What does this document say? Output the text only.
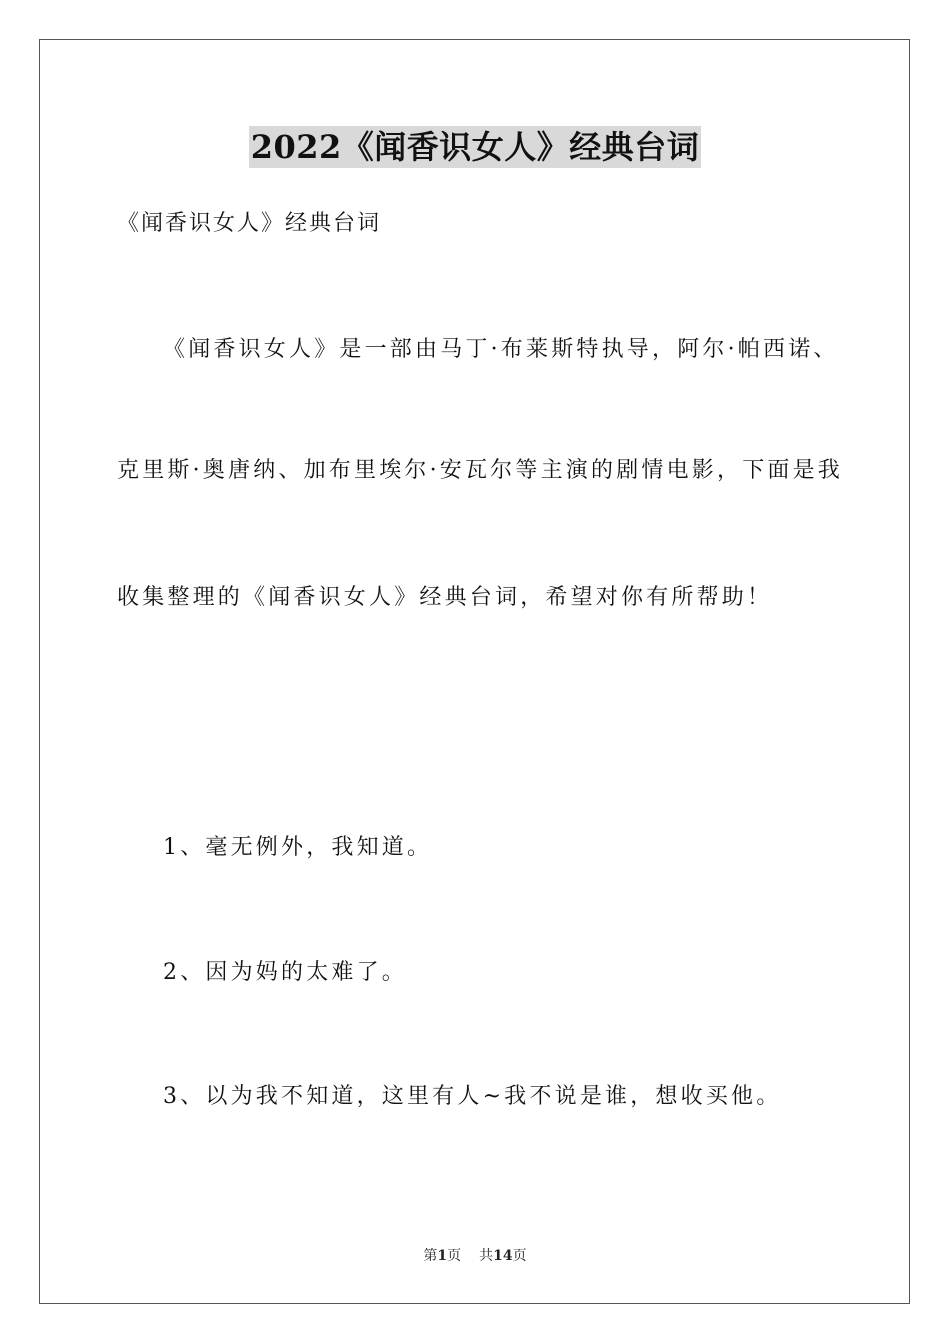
2022《闻香识女人》经典台词
《闻香识女人》经典台词
《闻香识女人》是一部由马丁·布莱斯特执导，阿尔·帕西诺、
克里斯·奥唐纳、加布里埃尔·安瓦尔等主演的剧情电影，下面是我
收集整理的《闻香识女人》经典台词，希望对你有所帮助！
1、毫无例外，我知道。
2、因为妈的太难了。
3、以为我不知道，这里有人~我不说是谁，想收买他。
第1页 共14页
